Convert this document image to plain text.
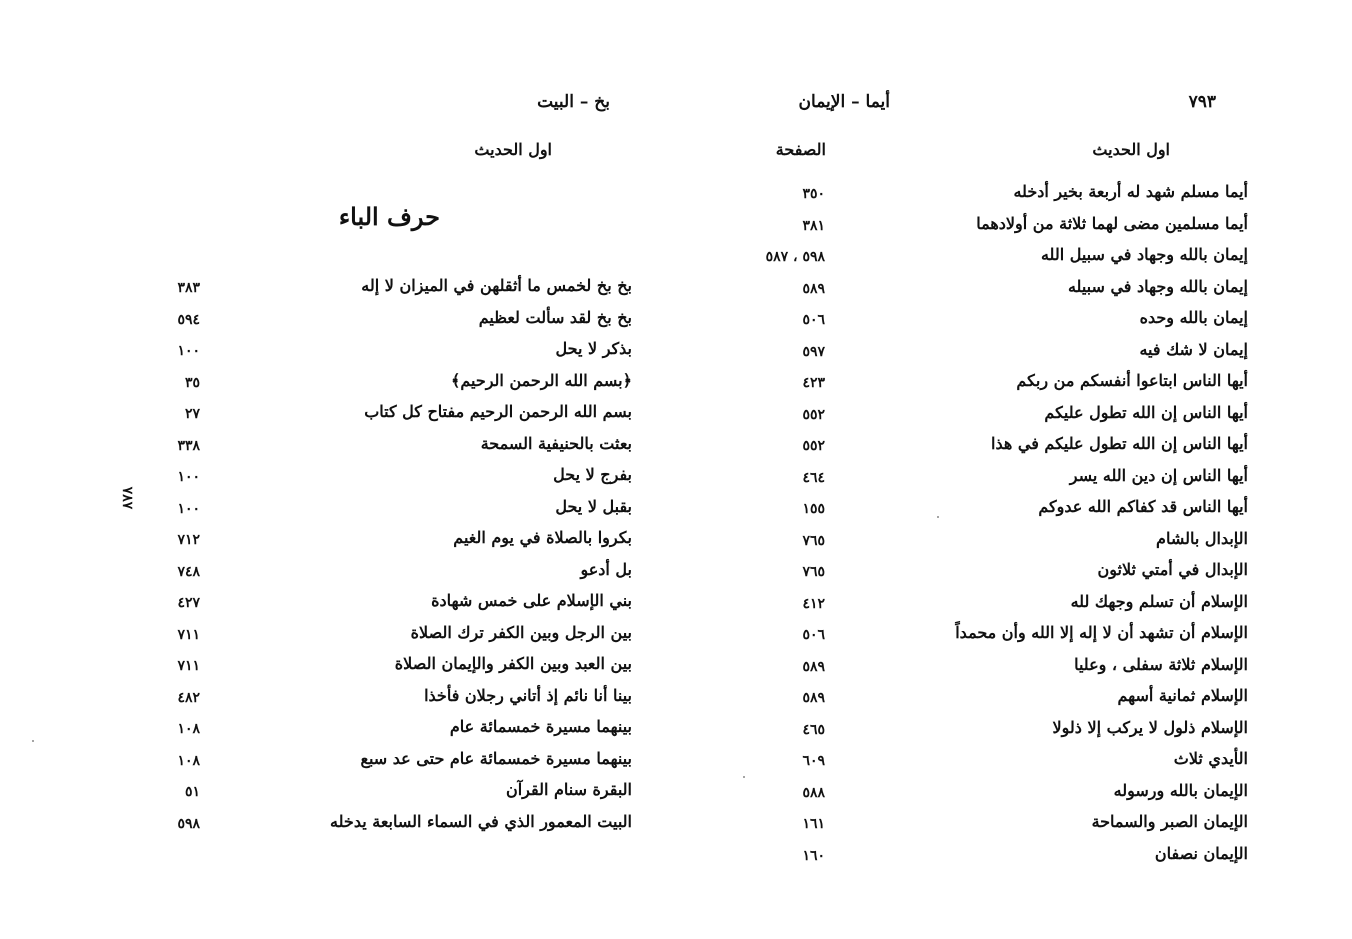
٧٩٣
أيما – الإيمان
اول الحديث
الصفحة
أيما مسلم شهد له أربعة بخير أدخله
٣٥٠
أيما مسلمين مضى لهما ثلاثة من أولادهما
٣٨١
إيمان بالله وجهاد في سبيل الله
٥٩٨ ، ٥٨٧
إيمان بالله وجهاد في سبيله
٥٨٩
إيمان بالله وحده
٥٠٦
إيمان لا شك فيه
٥٩٧
أيها الناس ابتاعوا أنفسكم من ربكم
٤٢٣
أيها الناس إن الله تطول عليكم
٥٥٢
أيها الناس إن الله تطول عليكم في هذا
٥٥٢
أيها الناس إن دين الله يسر
٤٦٤
أيها الناس قد كفاكم الله عدوكم
١٥٥
الإبدال بالشام
٧٦٥
الإبدال في أمتي ثلاثون
٧٦٥
الإسلام أن تسلم وجهك لله
٤١٢
الإسلام أن تشهد أن لا إله إلا الله وأن محمداً
٥٠٦
الإسلام ثلاثة سفلى ، وعليا
٥٨٩
الإسلام ثمانية أسهم
٥٨٩
الإسلام ذلول لا يركب إلا ذلولا
٤٦٥
الأيدي ثلاث
٦٠٩
الإيمان بالله ورسوله
٥٨٨
الإيمان الصبر والسماحة
١٦١
الإيمان نصفان
١٦٠
بخ – البيت
اول الحديث
حرف الباء
٨٧٨
بخ بخ لخمس ما أثقلهن في الميزان لا إله
٣٨٣
بخ بخ لقد سألت لعظيم
٥٩٤
بذكر لا يحل
١٠٠
﴿بسم الله الرحمن الرحيم﴾
٣٥
بسم الله الرحمن الرحيم مفتاح كل كتاب
٢٧
بعثت بالحنيفية السمحة
٣٣٨
بفرج لا يحل
١٠٠
بقبل لا يحل
١٠٠
بكروا بالصلاة في يوم الغيم
٧١٢
بل أدعو
٧٤٨
بني الإسلام على خمس شهادة
٤٢٧
بين الرجل وبين الكفر ترك الصلاة
٧١١
بين العبد وبين الكفر والإيمان الصلاة
٧١١
بينا أنا نائم إذ أتاني رجلان فأخذا
٤٨٢
بينهما مسيرة خمسمائة عام
١٠٨
بينهما مسيرة خمسمائة عام حتى عد سبع
١٠٨
البقرة سنام القرآن
٥١
البيت المعمور الذي في السماء السابعة يدخله
٥٩٨
